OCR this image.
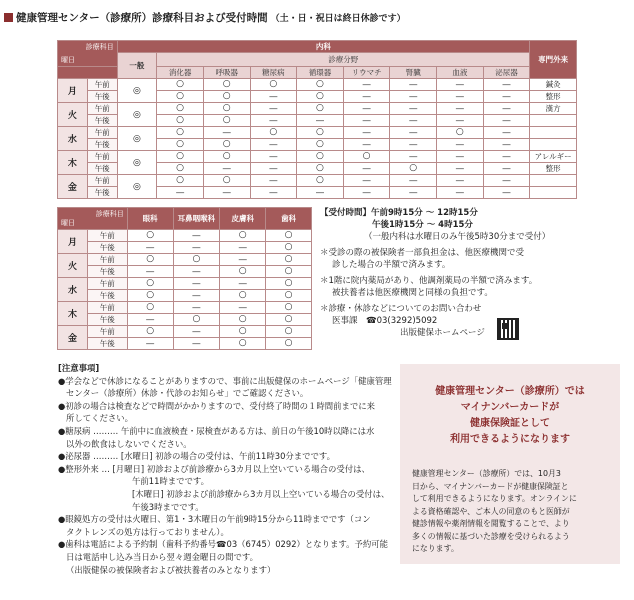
健康管理センター（診療所）診療科目および受付時間 （土・日・祝日は終日休診です）
診療科目
曜日		内科									専門外来
		一般	診療分野								
			消化器	呼吸器	糖尿病	循環器	リウマチ	腎臓	血液	泌尿器	
月	午前	◎	○	○	○	○	―	―	―	―	鍼灸
	午後		○	○	―	○	―	―	―	―	整形
火	午前	◎	○	○	―	○	―	―	―	―	漢方
	午後		○	○	―	―	―	―	―	―	
水	午前	◎	○	―	○	○	―	―	○	―	
	午後		○	○	―	○	―	―	―	―	
木	午前	◎	○	○	―	○	○	―	―	―	アレルギー
	午後		○	―	―	○	―	○	―	―	整形
金	午前	◎	○	○	―	○	―	―	―	―	
	午後		―	―	―	―	―	―	―	―	
診療科目
曜日		眼科	耳鼻咽喉科	皮膚科	歯科
月	午前	○	―	○	○
	午後	―	―	―	○
火	午前	○	○	―	○
	午後	―	―	○	○
水	午前	○	―	―	○
	午後	○	―	○	○
木	午前	○	―	―	○
	午後	―	○	○	○
金	午前	○	―	○	○
	午後	―	―	○	○
【受付時間】午前9時15分 ～ 12時15分
午後1時15分 ～ 4時15分
（一般内科は水曜日のみ午後5時30分まで受付）
＊受診の際の被保険者一部負担金は、他医療機関で受
診した場合の半額で済みます。
＊1階に院内薬局があり、他調剤薬局の半額で済みます。
被扶養者は他医療機関と同様の負担です。
＊診療・休診などについてのお問い合わせ
医事課　☎03(3292)5092
出版健保ホームページ

[注意事項]

●学会などで休診になることがありますので、事前に出版健保のホームページ「健康管理

センター（診療所）休診・代診のお知らせ」でご確認ください。

●初診の場合は検査などで時間がかかりますので、受付終了時間の１時間前までに来

所してください。

●糖尿病 ……… 午前中に血液検査・尿検査がある方は、前日の午後10時以降には水

以外の飲食はしないでください。

●泌尿器 ……… [水曜日] 初診の場合の受付は、午前11時30分までです。

●整形外来 … [月曜日] 初診および前診療から3カ月以上空いている場合の受付は、

午前11時までです。

[木曜日] 初診および前診療から3カ月以上空いている場合の受付は、

午後3時までです。

●眼鏡処方の受付は火曜日、第1・3木曜日の午前9時15分から11時までです（コン

タクトレンズの処方は行っておりません）。

●歯科は電話による予約制（歯科予約番号☎03（6745）0292）となります。予約可能

日は電話申し込み当日から翌々週金曜日の間です。

（出版健保の被保険者および被扶養者のみとなります）

健康管理センター（診療所）では
マイナンバーカードが
健康保険証として
利用できるようになります
健康管理センター（診療所）では、10月3
日から、マイナンバーカードが健康保険証と
して利用できるようになります。オンラインに
よる資格確認や、ご本人の同意のもと医師が
健診情報や薬剤情報を閲覧することで、より
多くの情報に基づいた診療を受けられるよう
になります。
